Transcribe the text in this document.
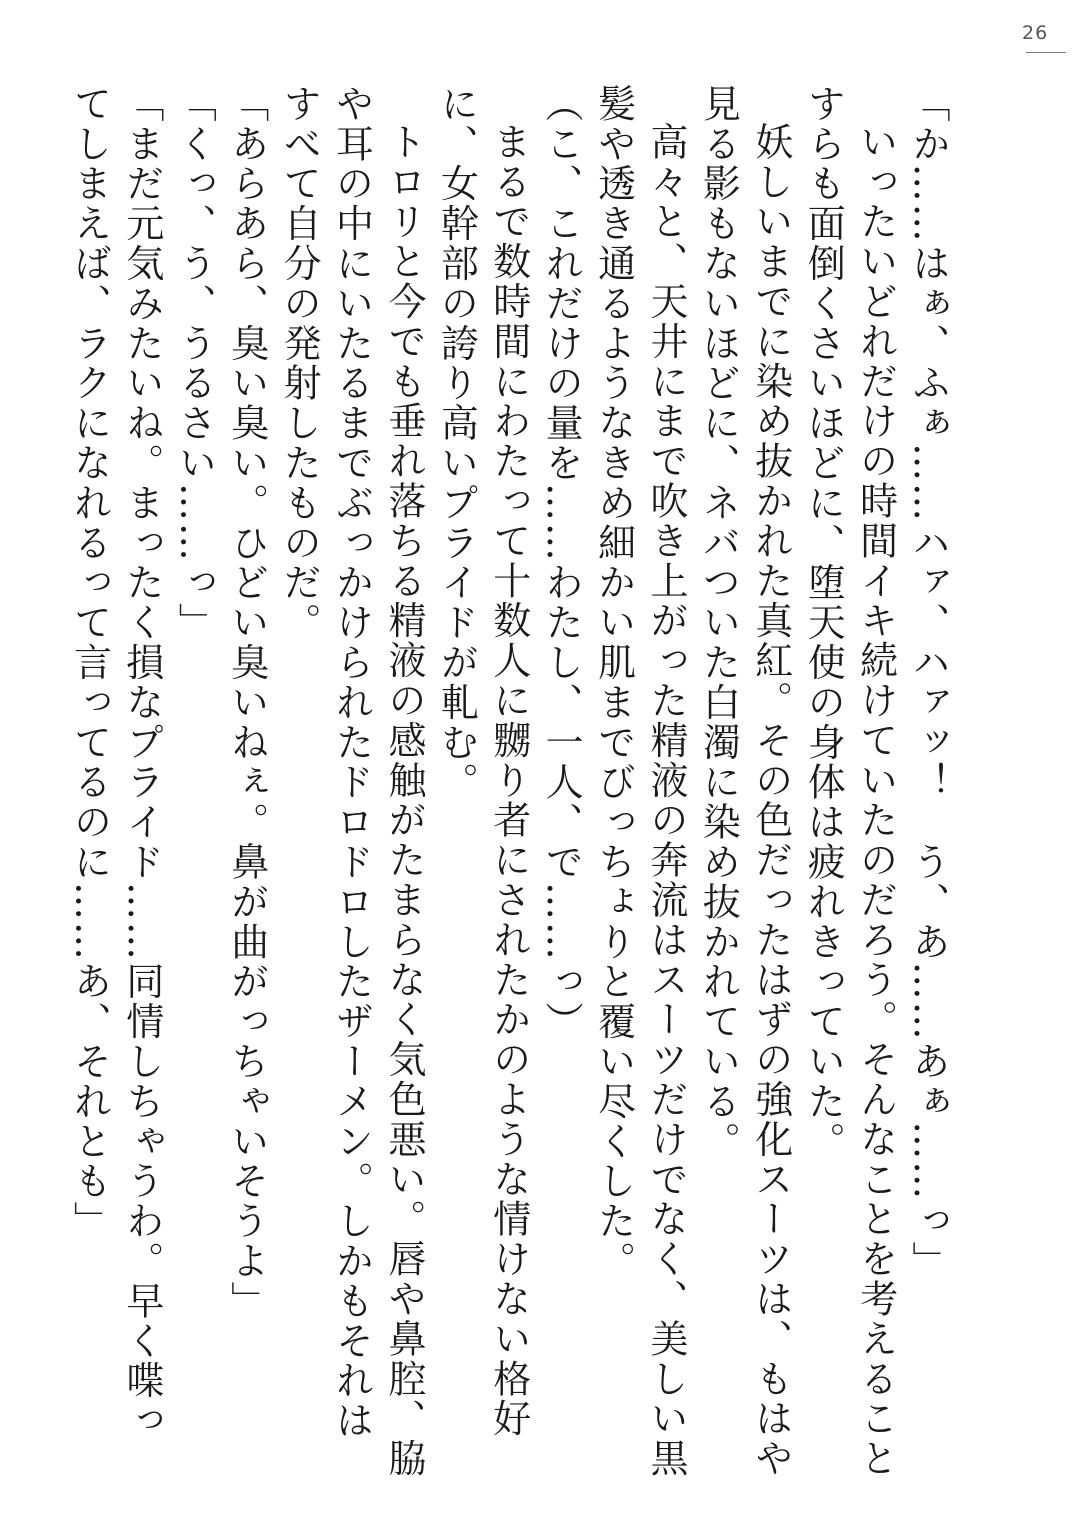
26

「か……はぁ、ふぁ……ハァ、ハァッ！　う、あ……あぁ……っ」

いったいどれだけの時間イキ続けていたのだろう。そんなことを考えることすらも面倒くさいほどに、堕天使の身体は疲れきっていた。

妖しいまでに染め抜かれた真紅。その色だったはずの強化スーツは、もはや見る影もないほどに、ネバついた白濁に染め抜かれている。

高々と、天井にまで吹き上がった精液の奔流はスーツだけでなく、美しい黒髪や透き通るようなきめ細かい肌までびっちょりと覆い尽くした。

（こ、これだけの量を……わたし、一人、で……っ）

まるで数時間にわたって十数人に嬲り者にされたかのような情けない格好に、女幹部の誇り高いプライドが軋む。

トロリと今でも垂れ落ちる精液の感触がたまらなく気色悪い。唇や鼻腔、脇や耳の中にいたるまでぶっかけられたドロドロしたザーメン。しかもそれはすべて自分の発射したものだ。

「あらあら、臭い臭い。ひどい臭いねぇ。鼻が曲がっちゃいそうよ」

「くっ、う、うるさい……っ」

「まだ元気みたいね。まったく損なプライド……同情しちゃうわ。早く喋ってしまえば、ラクになれるって言ってるのに……あ、それとも」
